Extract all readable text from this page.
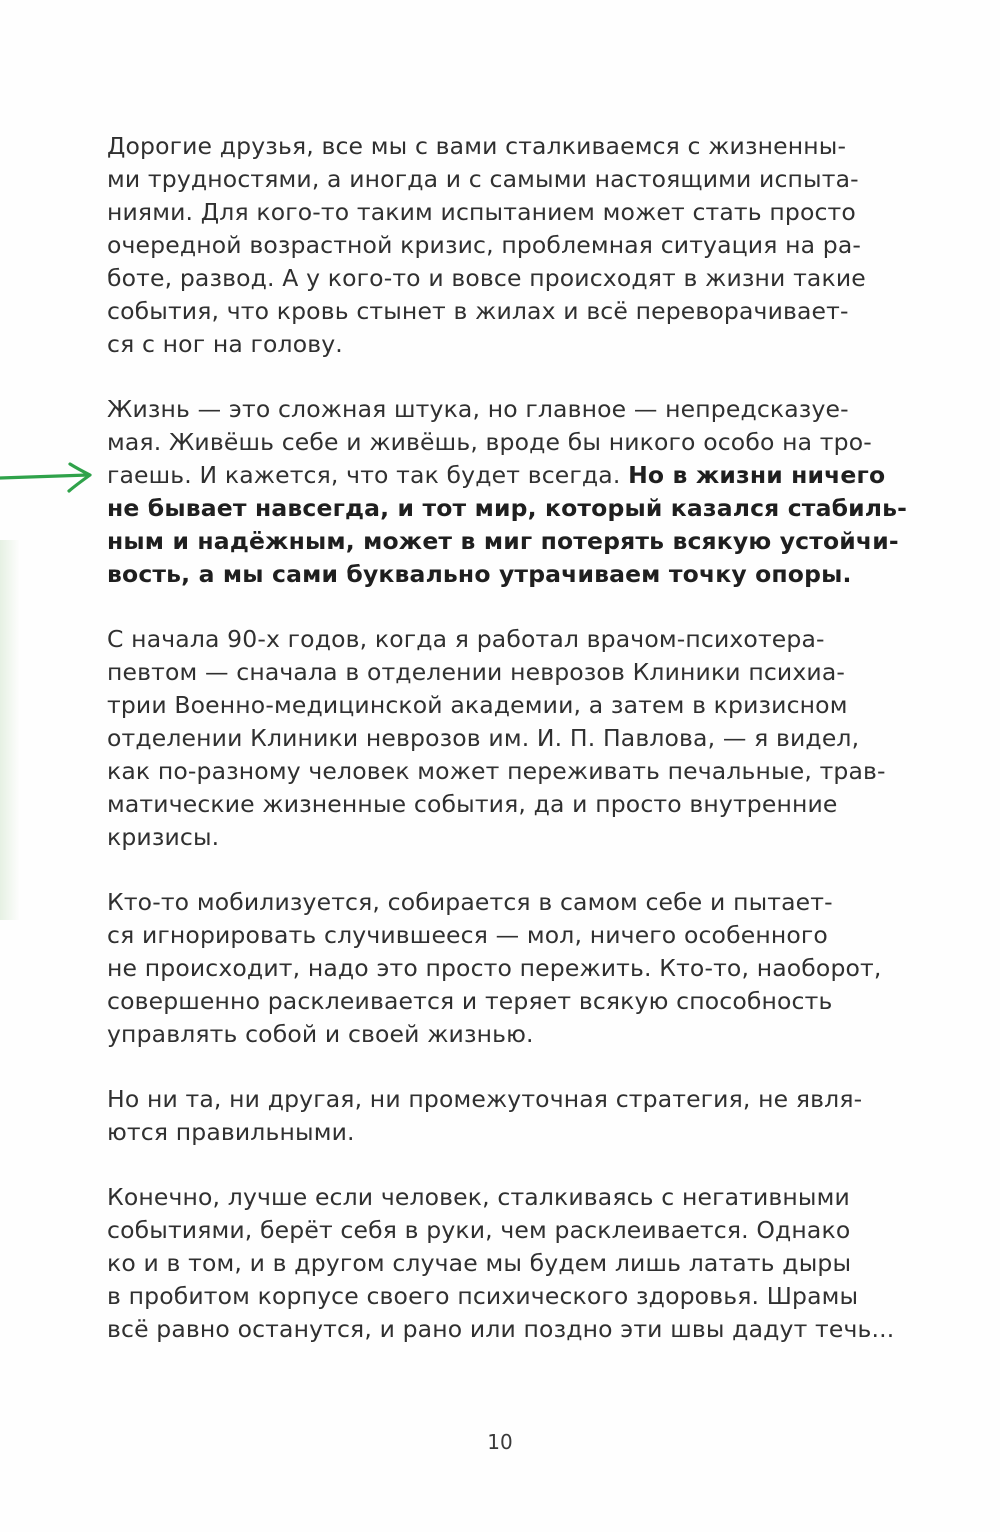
Дорогие друзья, все мы с вами сталкиваемся с жизненны-
ми трудностями, а иногда и с самыми настоящими испыта-
ниями. Для кого-то таким испытанием может стать просто
очередной возрастной кризис, проблемная ситуация на ра-
боте, развод. А у кого-то и вовсе происходят в жизни такие
события, что кровь стынет в жилах и всё переворачивает-
ся с ног на голову.

Жизнь — это сложная штука, но главное — непредсказуе-
мая. Живёшь себе и живёшь, вроде бы никого особо на тро-
гаешь. И кажется, что так будет всегда. Но в жизни ничего
не бывает навсегда, и тот мир, который казался стабиль-
ным и надёжным, может в миг потерять всякую устойчи-
вость, а мы сами буквально утрачиваем точку опоры.

С начала 90-х годов, когда я работал врачом-психотера-
певтом — сначала в отделении неврозов Клиники психиа-
трии Военно-медицинской академии, а затем в кризисном
отделении Клиники неврозов им. И. П. Павлова, — я видел,
как по-разному человек может переживать печальные, трав-
матические жизненные события, да и просто внутренние
кризисы.

Кто-то мобилизуется, собирается в самом себе и пытает-
ся игнорировать случившееся — мол, ничего особенного
не происходит, надо это просто пережить. Кто-то, наоборот,
совершенно расклеивается и теряет всякую способность
управлять собой и своей жизнью.

Но ни та, ни другая, ни промежуточная стратегия, не явля-
ются правильными.

Конечно, лучше если человек, сталкиваясь с негативными
событиями, берёт себя в руки, чем расклеивается. Однако
ко и в том, и в другом случае мы будем лишь латать дыры
в пробитом корпусе своего психического здоровья. Шрамы
всё равно останутся, и рано или поздно эти швы дадут течь...

10
